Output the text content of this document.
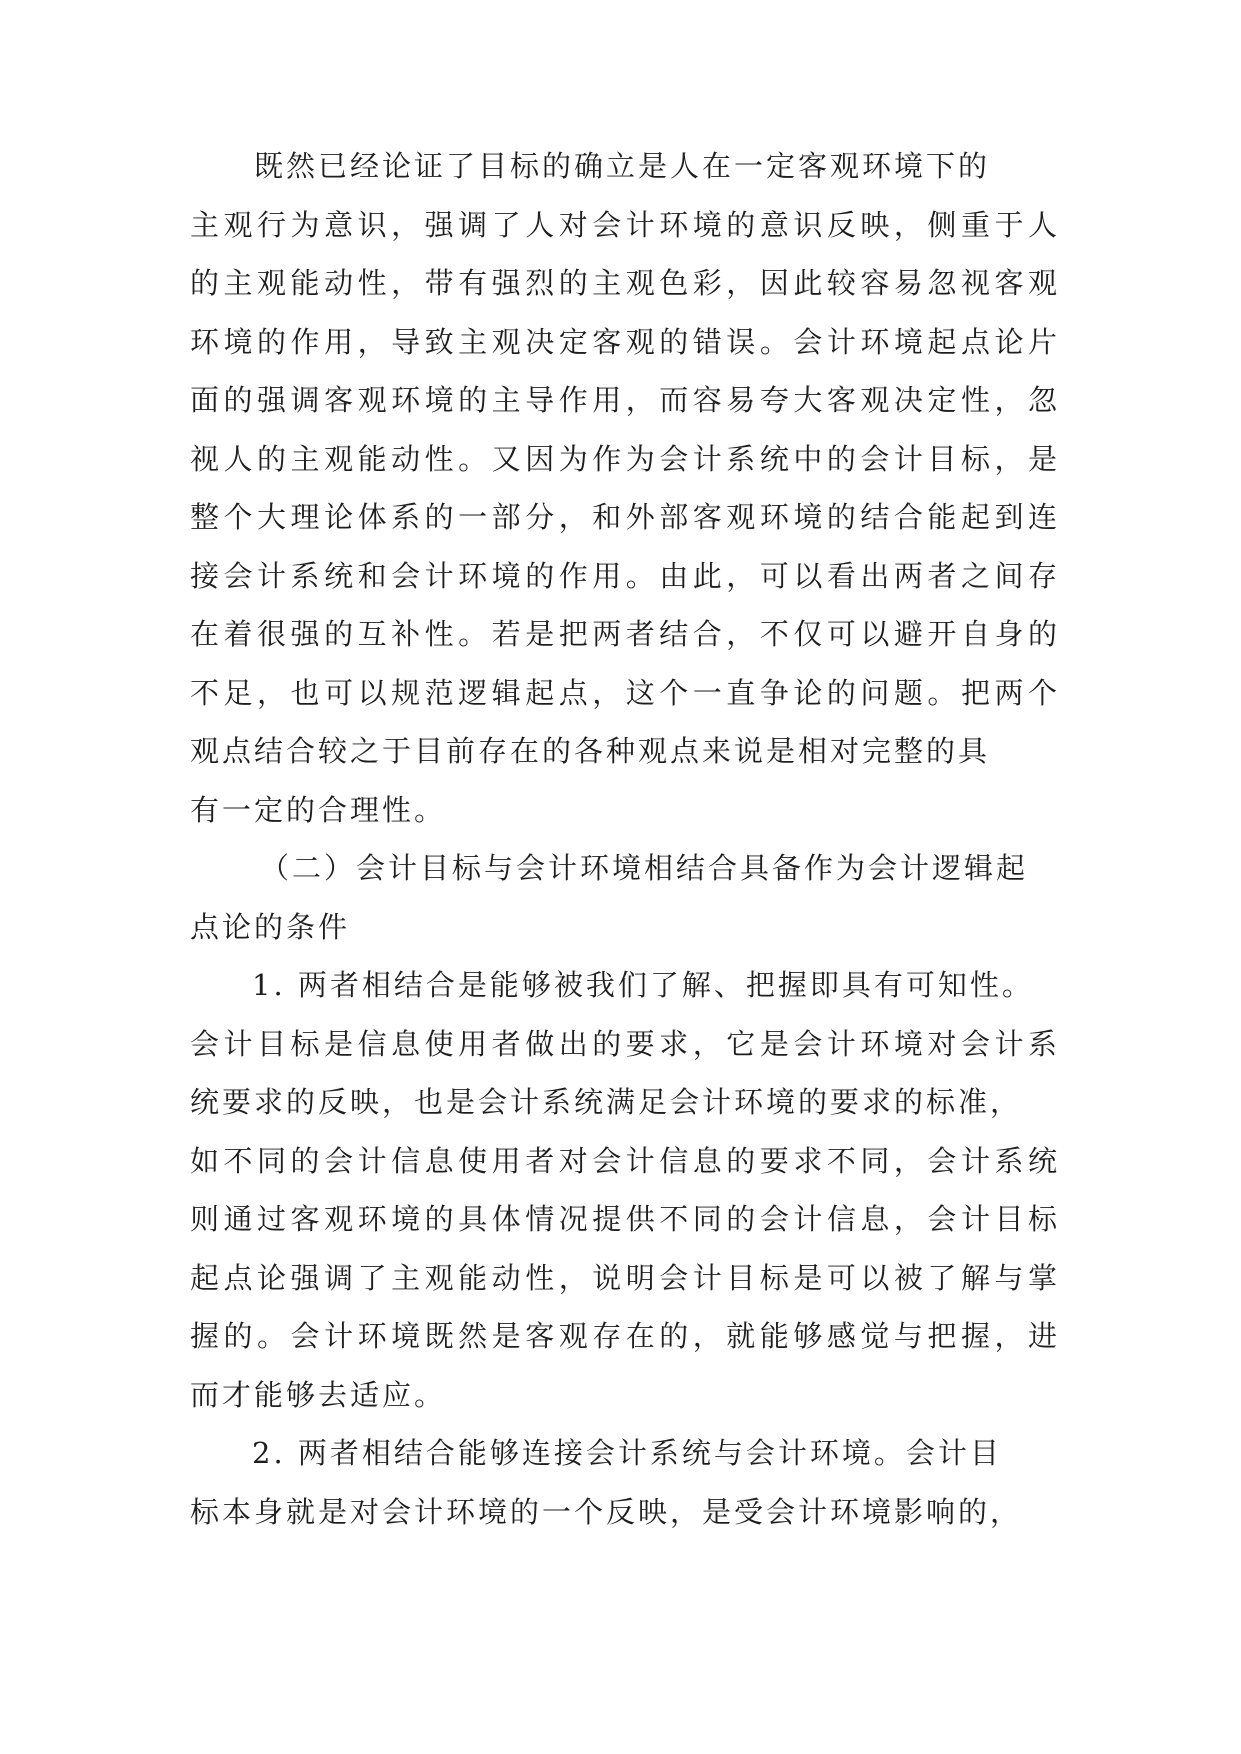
既然已经论证了目标的确立是人在一定客观环境下的
主观行为意识，强调了人对会计环境的意识反映，侧重于人
的主观能动性，带有强烈的主观色彩，因此较容易忽视客观
环境的作用，导致主观决定客观的错误。会计环境起点论片
面的强调客观环境的主导作用，而容易夸大客观决定性，忽
视人的主观能动性。又因为作为会计系统中的会计目标，是
整个大理论体系的一部分，和外部客观环境的结合能起到连
接会计系统和会计环境的作用。由此，可以看出两者之间存
在着很强的互补性。若是把两者结合，不仅可以避开自身的
不足，也可以规范逻辑起点，这个一直争论的问题。把两个
观点结合较之于目前存在的各种观点来说是相对完整的具
有一定的合理性。
（二）会计目标与会计环境相结合具备作为会计逻辑起
点论的条件
1. 两者相结合是能够被我们了解、把握即具有可知性。
会计目标是信息使用者做出的要求，它是会计环境对会计系
统要求的反映，也是会计系统满足会计环境的要求的标准，
如不同的会计信息使用者对会计信息的要求不同，会计系统
则通过客观环境的具体情况提供不同的会计信息，会计目标
起点论强调了主观能动性，说明会计目标是可以被了解与掌
握的。会计环境既然是客观存在的，就能够感觉与把握，进
而才能够去适应。
2. 两者相结合能够连接会计系统与会计环境。会计目
标本身就是对会计环境的一个反映，是受会计环境影响的，
